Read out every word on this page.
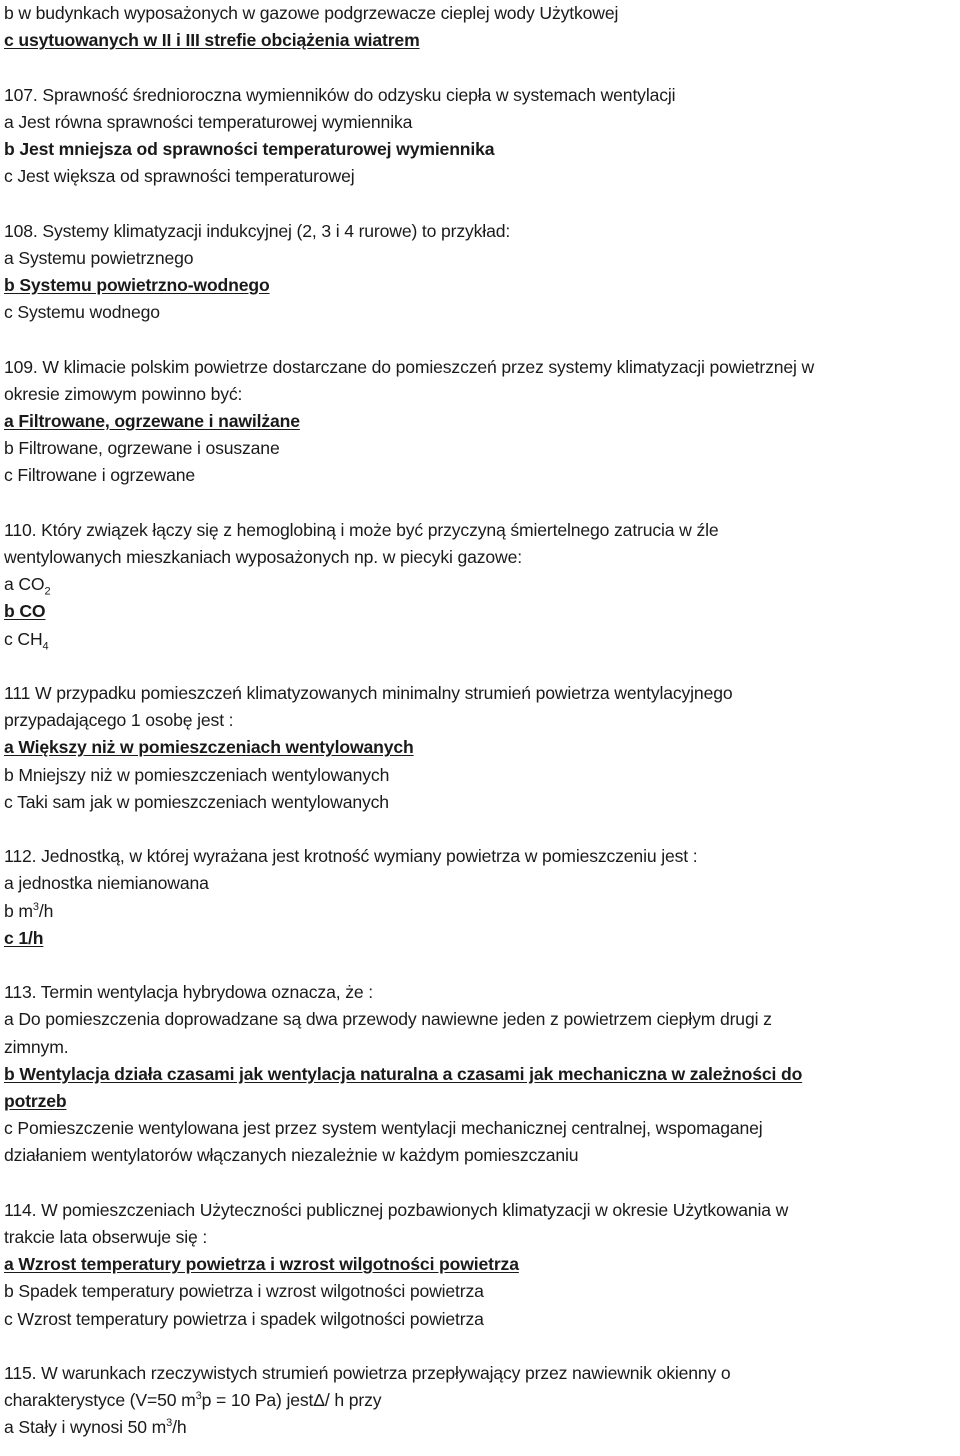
b w budynkach wyposażonych w gazowe podgrzewacze cieplej wody Użytkowej
c usytuowanych w II i III strefie obciążenia wiatrem
107. Sprawność średnioroczna wymienników do odzysku ciepła w systemach wentylacji
a Jest równa sprawności temperaturowej wymiennika
b Jest mniejsza od sprawności temperaturowej wymiennika
c Jest większa od sprawności temperaturowej
108. Systemy klimatyzacji indukcyjnej (2, 3 i 4 rurowe) to przykład:
a Systemu powietrznego
b Systemu powietrzno-wodnego
c Systemu wodnego
109. W klimacie polskim powietrze dostarczane do pomieszczeń przez systemy klimatyzacji powietrznej w
okresie zimowym powinno być:
a Filtrowane, ogrzewane i nawilżane
b Filtrowane, ogrzewane i osuszane
c Filtrowane i ogrzewane
110. Który związek łączy się z hemoglobiną i może być przyczyną śmiertelnego zatrucia w źle
wentylowanych mieszkaniach wyposażonych np. w piecyki gazowe:
a $CO_2$
b CO
c $CH_4$
111 W przypadku pomieszczeń klimatyzowanych minimalny strumień powietrza wentylacyjnego
przypadającego 1 osobę jest :
a Większy niż w pomieszczeniach wentylowanych
b Mniejszy niż w pomieszczeniach wentylowanych
c Taki sam jak w pomieszczeniach wentylowanych
112. Jednostką, w której wyrażana jest krotność wymiany powietrza w pomieszczeniu jest :
a jednostka niemianowana
b $m^3/h$
c 1/h
113. Termin wentylacja hybrydowa oznacza, że :
a Do pomieszczenia doprowadzane są dwa przewody nawiewne jeden z powietrzem ciepłym drugi z
zimnym.
b Wentylacja działa czasami jak wentylacja naturalna a czasami jak mechaniczna w zależności do
potrzeb
c Pomieszczenie wentylowana jest przez system wentylacji mechanicznej centralnej, wspomaganej
działaniem wentylatorów włączanych niezależnie w każdym pomieszczaniu
114. W pomieszczeniach Użyteczności publicznej pozbawionych klimatyzacji w okresie Użytkowania w
trakcie lata obserwuje się :
a Wzrost temperatury powietrza i wzrost wilgotności powietrza
b Spadek temperatury powietrza i wzrost wilgotności powietrza
c Wzrost temperatury powietrza i spadek wilgotności powietrza
115. W warunkach rzeczywistych strumień powietrza przepływający przez nawiewnik okienny o
charakterystyce (V=50 $m^3p = 10$ Pa) jestΔ/ h przy
a Stały i wynosi 50 $m^3/h$
